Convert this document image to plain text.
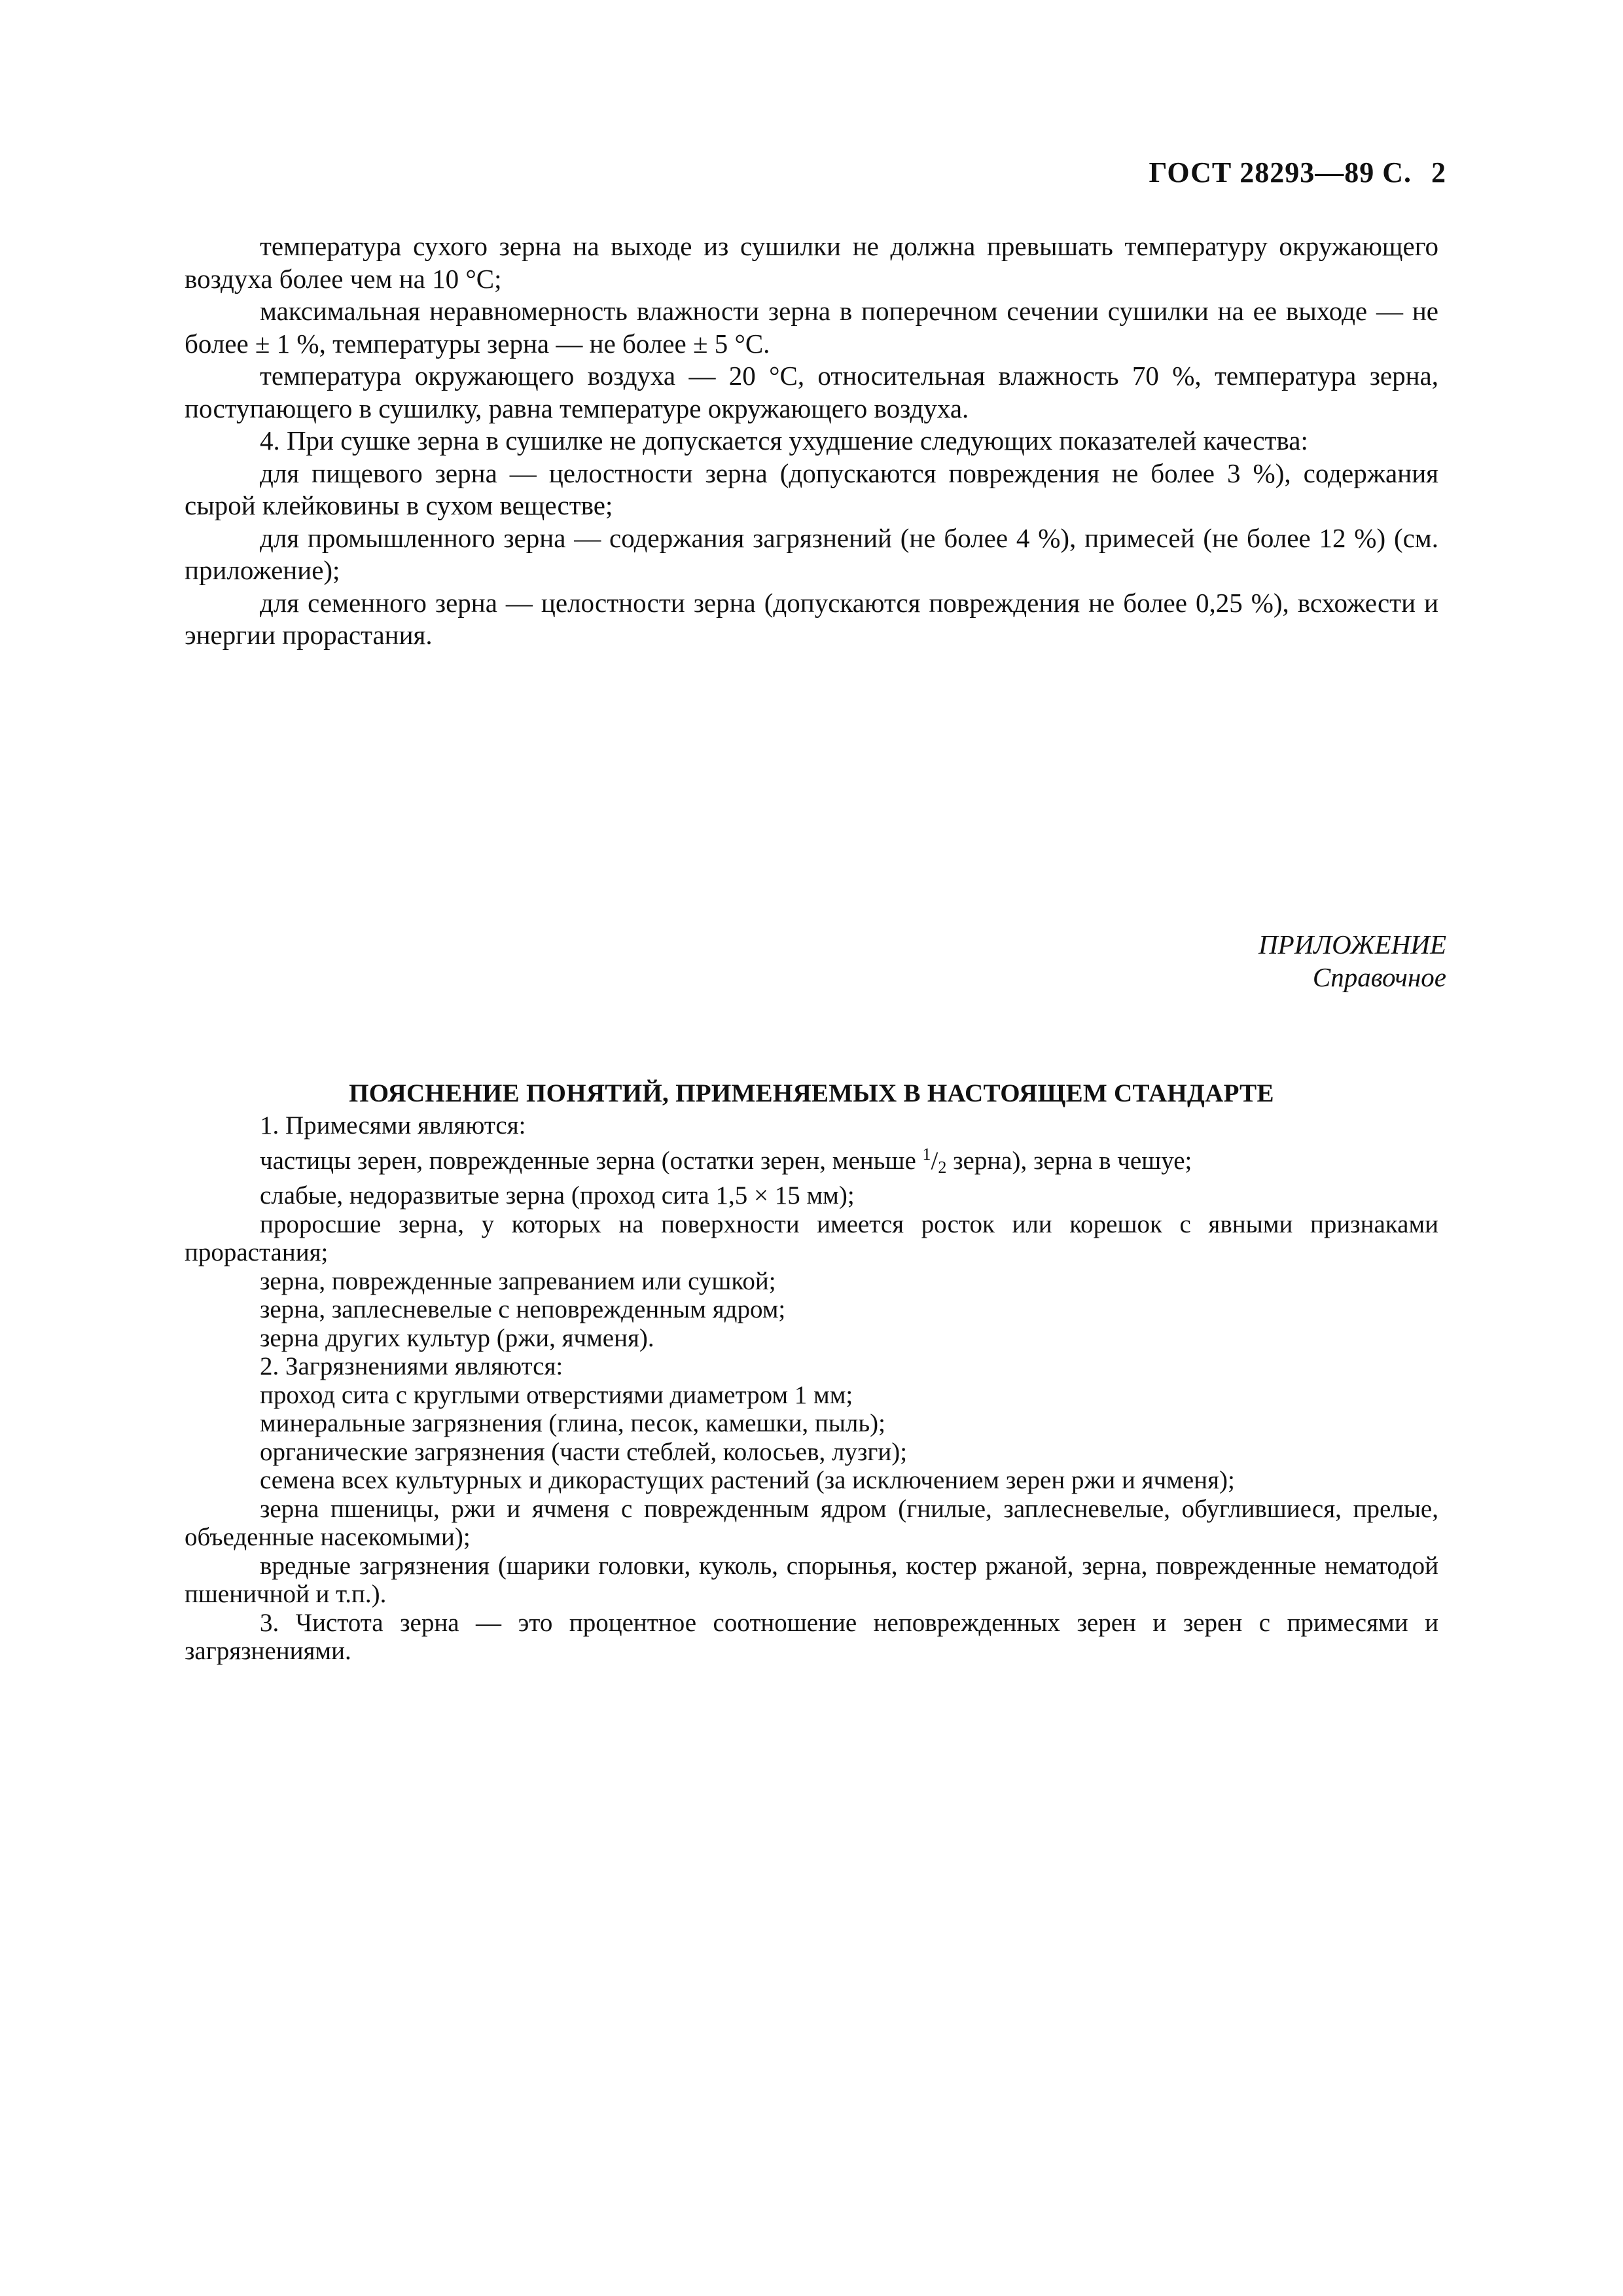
ГОСТ 28293—89 С. 2

температура сухого зерна на выходе из сушилки не должна превышать температуру окружающего воздуха более чем на 10 °С;

максимальная неравномерность влажности зерна в поперечном сечении сушилки на ее выходе — не более ± 1 %, температуры зерна — не более ± 5 °С.

температура окружающего воздуха — 20 °С, относительная влажность 70 %, температура зерна, поступающего в сушилку, равна температуре окружающего воздуха.

4. При сушке зерна в сушилке не допускается ухудшение следующих показателей качества:

для пищевого зерна — целостности зерна (допускаются повреждения не более 3 %), содержания сырой клейковины в сухом веществе;

для промышленного зерна — содержания загрязнений (не более 4 %), примесей (не более 12 %) (см. приложение);

для семенного зерна — целостности зерна (допускаются повреждения не более 0,25 %), всхожести и энергии прорастания.

ПРИЛОЖЕНИЕ
Справочное
ПОЯСНЕНИЕ ПОНЯТИЙ, ПРИМЕНЯЕМЫХ В НАСТОЯЩЕМ СТАНДАРТЕ

1. Примесями являются:

частицы зерен, поврежденные зерна (остатки зерен, меньше $^1/_2$ зерна), зерна в чешуе;

слабые, недоразвитые зерна (проход сита 1,5 × 15 мм);

проросшие зерна, у которых на поверхности имеется росток или корешок с явными признаками прорастания;

зерна, поврежденные запреванием или сушкой;

зерна, заплесневелые с неповрежденным ядром;

зерна других культур (ржи, ячменя).

2. Загрязнениями являются:

проход сита с круглыми отверстиями диаметром 1 мм;

минеральные загрязнения (глина, песок, камешки, пыль);

органические загрязнения (части стеблей, колосьев, лузги);

семена всех культурных и дикорастущих растений (за исключением зерен ржи и ячменя);

зерна пшеницы, ржи и ячменя с поврежденным ядром (гнилые, заплесневелые, обуглившиеся, прелые, объеденные насекомыми);

вредные загрязнения (шарики головки, куколь, спорынья, костер ржаной, зерна, поврежденные нематодой пшеничной и т.п.).

3. Чистота зерна — это процентное соотношение неповрежденных зерен и зерен с примесями и загрязнениями.
